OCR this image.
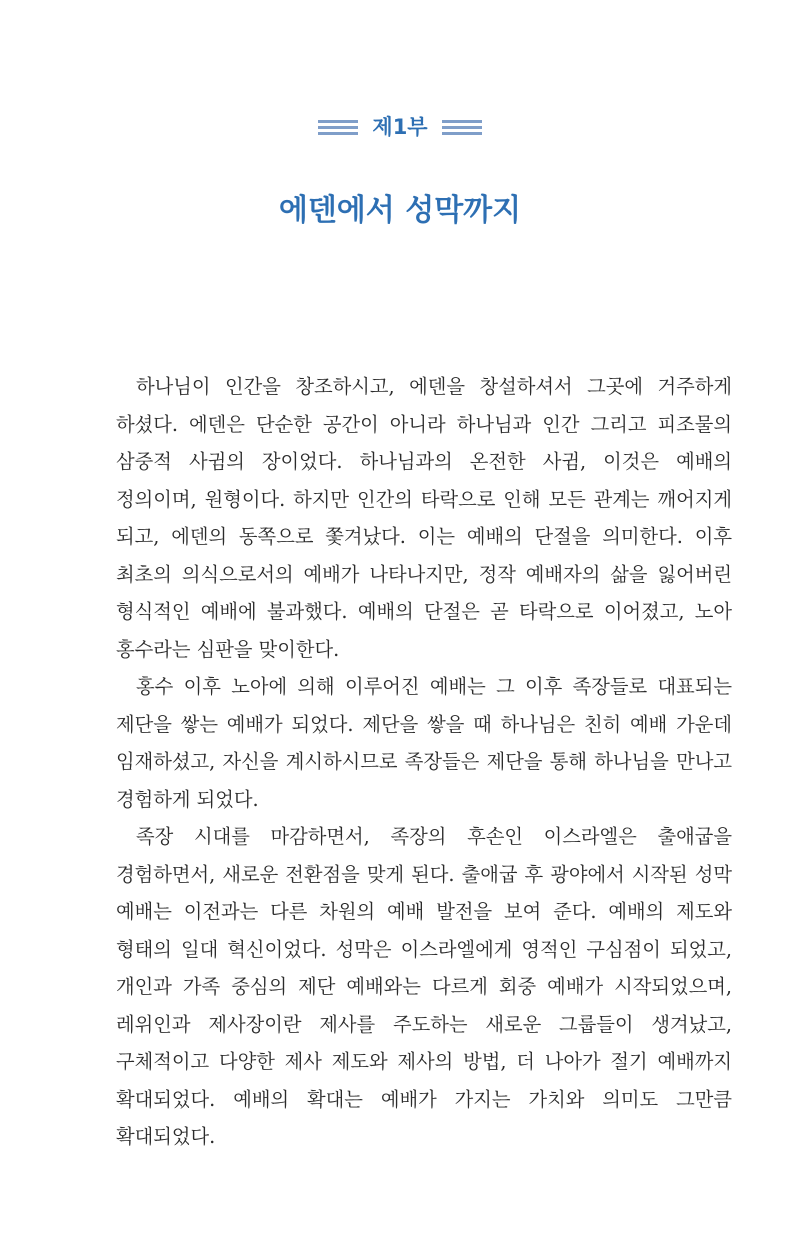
제1부
에덴에서 성막까지

하나님이 인간을 창조하시고, 에덴을 창설하셔서 그곳에 거주하게 하셨다. 에덴은 단순한 공간이 아니라 하나님과 인간 그리고 피조물의 삼중적 사귐의 장이었다. 하나님과의 온전한 사귐, 이것은 예배의 정의이며, 원형이다. 하지만 인간의 타락으로 인해 모든 관계는 깨어지게 되고, 에덴의 동쪽으로 쫓겨났다. 이는 예배의 단절을 의미한다. 이후 최초의 의식으로서의 예배가 나타나지만, 정작 예배자의 삶을 잃어버린 형식적인 예배에 불과했다. 예배의 단절은 곧 타락으로 이어졌고, 노아 홍수라는 심판을 맞이한다.

홍수 이후 노아에 의해 이루어진 예배는 그 이후 족장들로 대표되는 제단을 쌓는 예배가 되었다. 제단을 쌓을 때 하나님은 친히 예배 가운데 임재하셨고, 자신을 계시하시므로 족장들은 제단을 통해 하나님을 만나고 경험하게 되었다.

족장 시대를 마감하면서, 족장의 후손인 이스라엘은 출애굽을 경험하면서, 새로운 전환점을 맞게 된다. 출애굽 후 광야에서 시작된 성막 예배는 이전과는 다른 차원의 예배 발전을 보여 준다. 예배의 제도와 형태의 일대 혁신이었다. 성막은 이스라엘에게 영적인 구심점이 되었고, 개인과 가족 중심의 제단 예배와는 다르게 회중 예배가 시작되었으며, 레위인과 제사장이란 제사를 주도하는 새로운 그룹들이 생겨났고, 구체적이고 다양한 제사 제도와 제사의 방법, 더 나아가 절기 예배까지 확대되었다. 예배의 확대는 예배가 가지는 가치와 의미도 그만큼 확대되었다.
